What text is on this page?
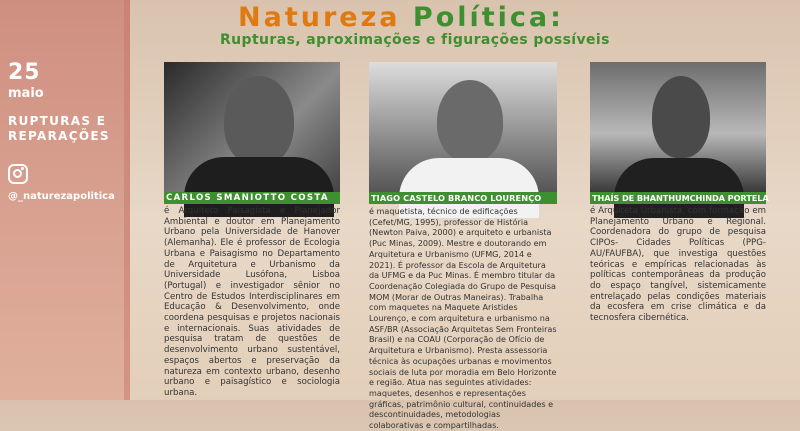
25
maio
RUPTURAS E REPARAÇÕES
@_naturezapolitica
Natureza Política:
Rupturas, aproximações e figurações possíveis
CARLOS SMANIOTTO COSTA	TIAGO CASTELO BRANCO LOURENÇO	THAÍS DE BHANTHUMCHINDA PORTELA
é Arquiteto Paisagista e Planejador Ambiental e doutor em Planejamento Urbano pela Universidade de Hanover (Alemanha). Ele é professor de Ecologia Urbana e Paisagismo no Departamento de Arquitetura e Urbanismo da Universidade Lusófona, Lisboa (Portugal) e investigador sênior no Centro de Estudos Interdisciplinares em Educação & Desenvolvimento, onde coordena pesquisas e projetos nacionais e internacionais. Suas atividades de pesquisa tratam de questões de desenvolvimento urbano sustentável, espaços abertos e preservação da natureza em contexto urbano, desenho urbano e paisagístico e sociologia urbana.
é maquetista, técnico de edificações (Cefet/MG, 1995), professor de História (Newton Paiva, 2000) e arquiteto e urbanista (Puc Minas, 2009). Mestre e doutorando em Arquitetura e Urbanismo (UFMG, 2014 e 2021). É professor da Escola de Arquitetura da UFMG e da Puc Minas. É membro titular da Coordenação Colegiada do Grupo de Pesquisa MOM (Morar de Outras Maneiras). Trabalha com maquetes na Maquete Aristides Lourenço, e com arquitetura e urbanismo na ASF/BR (Associação Arquitetas Sem Fronteiras Brasil) e na COAU (Corporação de Ofício de Arquitetura e Urbanismo). Presta assessoria técnica às ocupações urbanas e movimentos sociais de luta por moradia em Belo Horizonte e região. Atua nas seguintes atividades: maquetes, desenhos e representações gráficas, patrimônio cultural, continuidades e descontinuidades, metodologias colaborativas e compartilhadas.
é Arquiteta Urbanista, com formação em Planejamento Urbano e Regional. Coordenadora do grupo de pesquisa CIPOs- Cidades Políticas (PPG-AU/FAUFBA), que investiga questões teóricas e empíricas relacionadas às políticas contemporâneas da produção do espaço tangível, sistemicamente entrelaçado pelas condições materiais da ecosfera em crise climática e da tecnosfera cibernética.
